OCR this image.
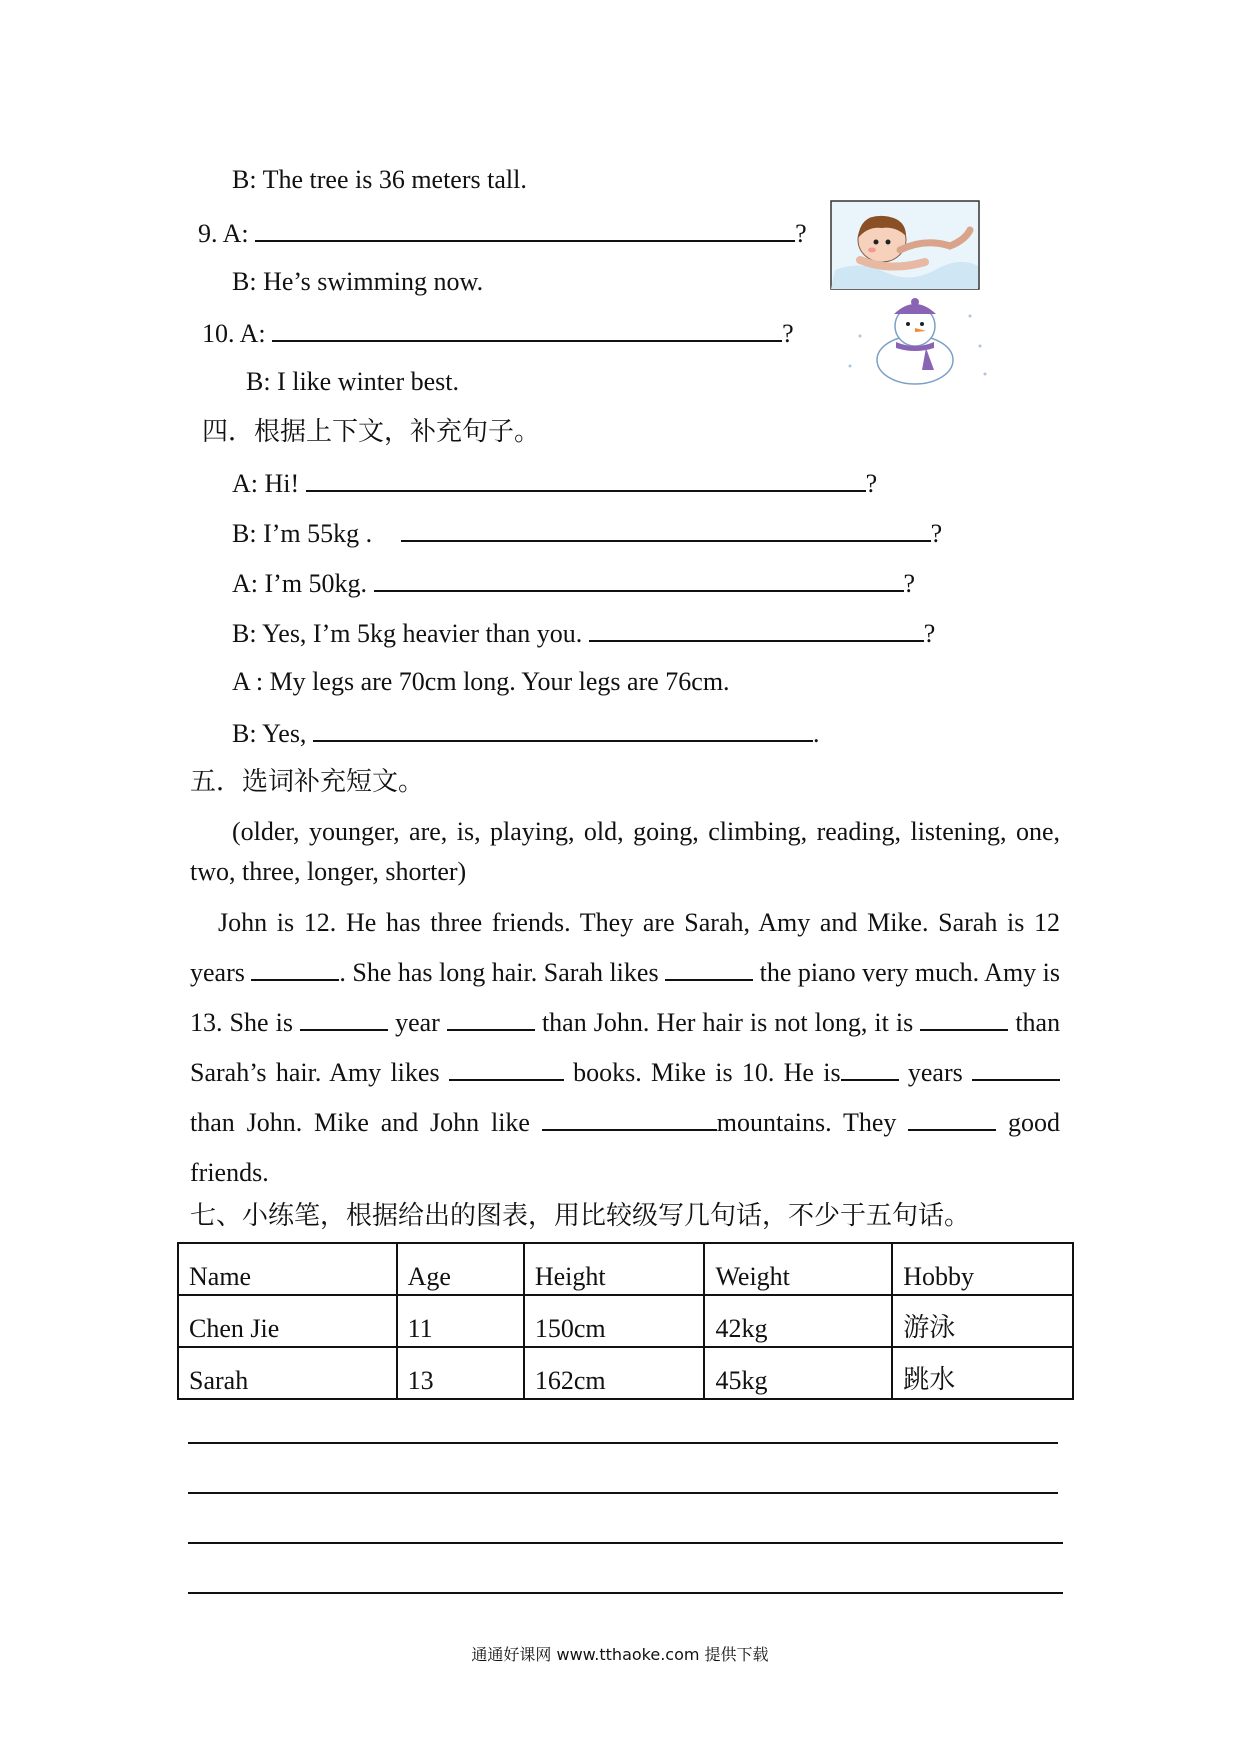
B: The tree is 36 meters tall.
9. A:	?
B: He’s swimming now.
10. A:	?
B: I like winter best.
四．根据上下文，补充句子。
A: Hi!	?
B: I’m 55kg .	?
A: I’m 50kg.	?
B: Yes, I’m 5kg heavier than you.	?
A : My legs are 70cm long. Your legs are 76cm.
B: Yes,	.
五．选词补充短文。
(older, younger, are, is, playing, old, going, climbing, reading, listening, one, two, three, longer, shorter)
John is 12. He has three friends. They are Sarah, Amy and Mike. Sarah is 12 years	. She has long hair. Sarah likes	the piano very much. Amy is 13. She is	year	than John. Her hair is not long, it is	than Sarah’s hair. Amy likes	books. Mike is 10. He is	years than John. Mike and John like	mountains. They	good friends.
七、小练笔，根据给出的图表，用比较级写几句话，不少于五句话。
Name	Age	Height	Weight	Hobby
Chen Jie	11	150cm	42kg	游泳
Sarah	13	162cm	45kg	跳水
通通好课网 www.tthaoke.com 提供下载
